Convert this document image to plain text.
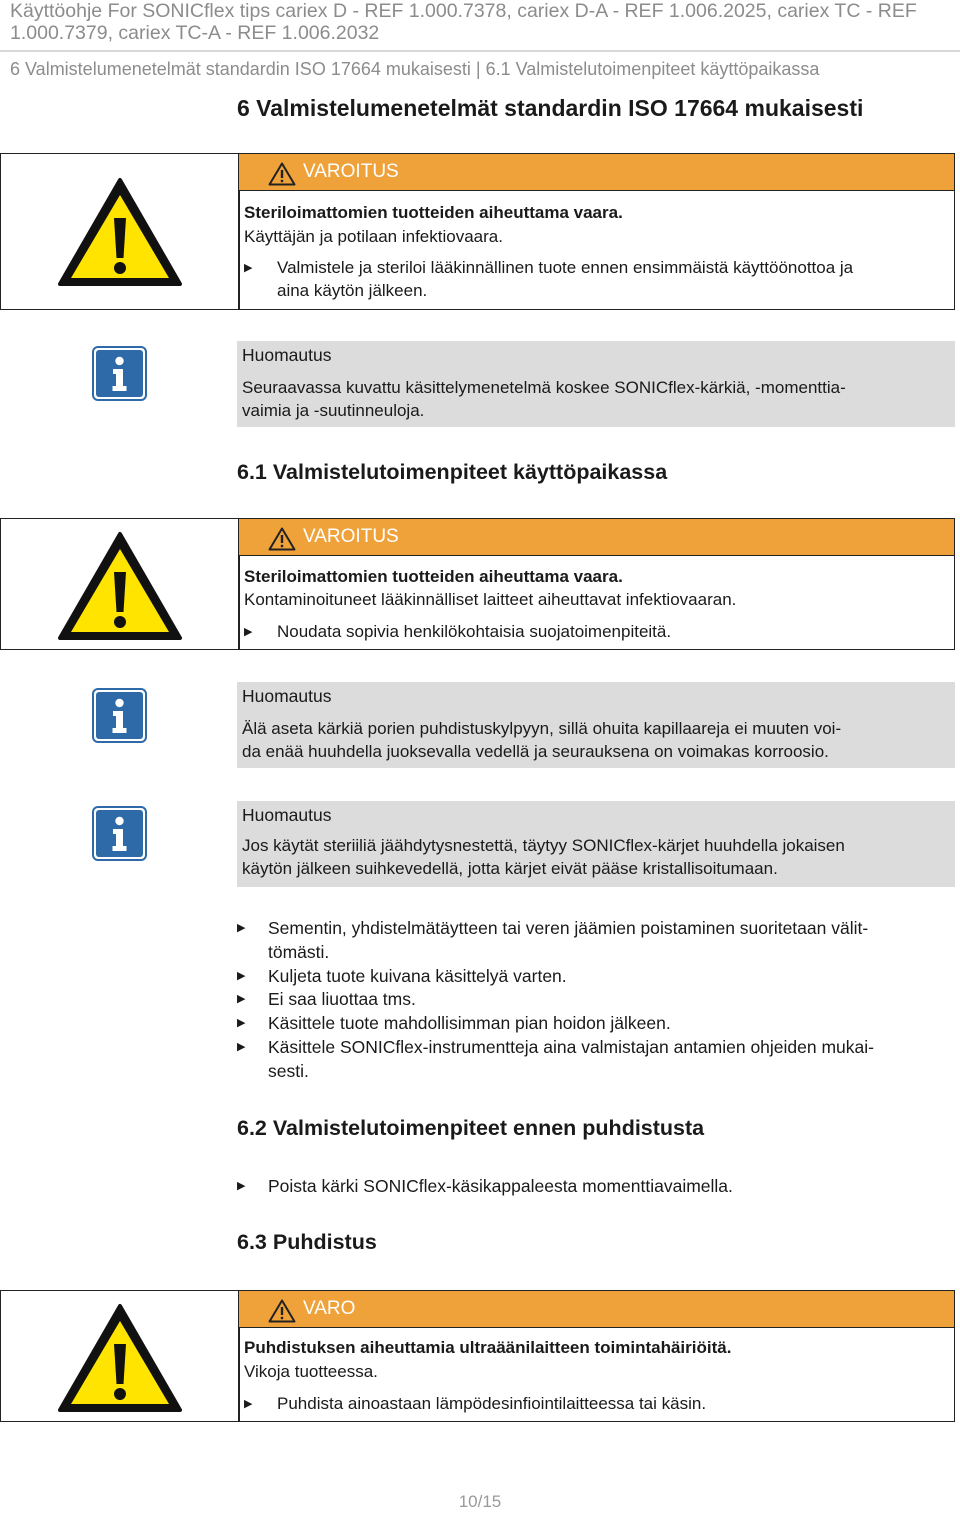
Käyttöohje For SONICflex tips cariex D - REF 1.000.7378, cariex D-A - REF 1.006.2025, cariex TC - REF 1.000.7379, cariex TC-A - REF 1.006.2032
6 Valmistelumenetelmät standardin ISO 17664 mukaisesti | 6.1 Valmistelutoimenpiteet käyttöpaikassa
6 Valmistelumenetelmät standardin ISO 17664 mukaisesti
VAROITUS
Steriloimattomien tuotteiden aiheuttama vaara.
Käyttäjän ja potilaan infektiovaara.
▶ Valmistele ja steriloi lääkinnällinen tuote ennen ensimmäistä käyttöönottoa ja
aina käytön jälkeen.
Huomautus
Seuraavassa kuvattu käsittelymenetelmä koskee SONICflex-kärkiä, -momenttia-
vaimia ja -suutinneuloja.
6.1 Valmistelutoimenpiteet käyttöpaikassa
VAROITUS
Steriloimattomien tuotteiden aiheuttama vaara.
Kontaminoituneet lääkinnälliset laitteet aiheuttavat infektiovaaran.
▶ Noudata sopivia henkilökohtaisia suojatoimenpiteitä.
Huomautus
Älä aseta kärkiä porien puhdistuskylpyyn, sillä ohuita kapillaareja ei muuten voi-
da enää huuhdella juoksevalla vedellä ja seurauksena on voimakas korroosio.
Huomautus
Jos käytät steriiliä jäähdytysnestettä, täytyy SONICflex-kärjet huuhdella jokaisen
käytön jälkeen suihkevedellä, jotta kärjet eivät pääse kristallisoitumaan.
▶ Sementin, yhdistelmätäytteen tai veren jäämien poistaminen suoritetaan välit-
tömästi.
▶ Kuljeta tuote kuivana käsittelyä varten.
▶ Ei saa liuottaa tms.
▶ Käsittele tuote mahdollisimman pian hoidon jälkeen.
▶ Käsittele SONICflex-instrumentteja aina valmistajan antamien ohjeiden mukai-
sesti.
6.2 Valmistelutoimenpiteet ennen puhdistusta
▶ Poista kärki SONICflex-käsikappaleesta momenttiavaimella.
6.3 Puhdistus
VARO
Puhdistuksen aiheuttamia ultraäänilaitteen toimintahäiriöitä.
Vikoja tuotteessa.
▶ Puhdista ainoastaan lämpödesinfiointilaitteessa tai käsin.
10/15
